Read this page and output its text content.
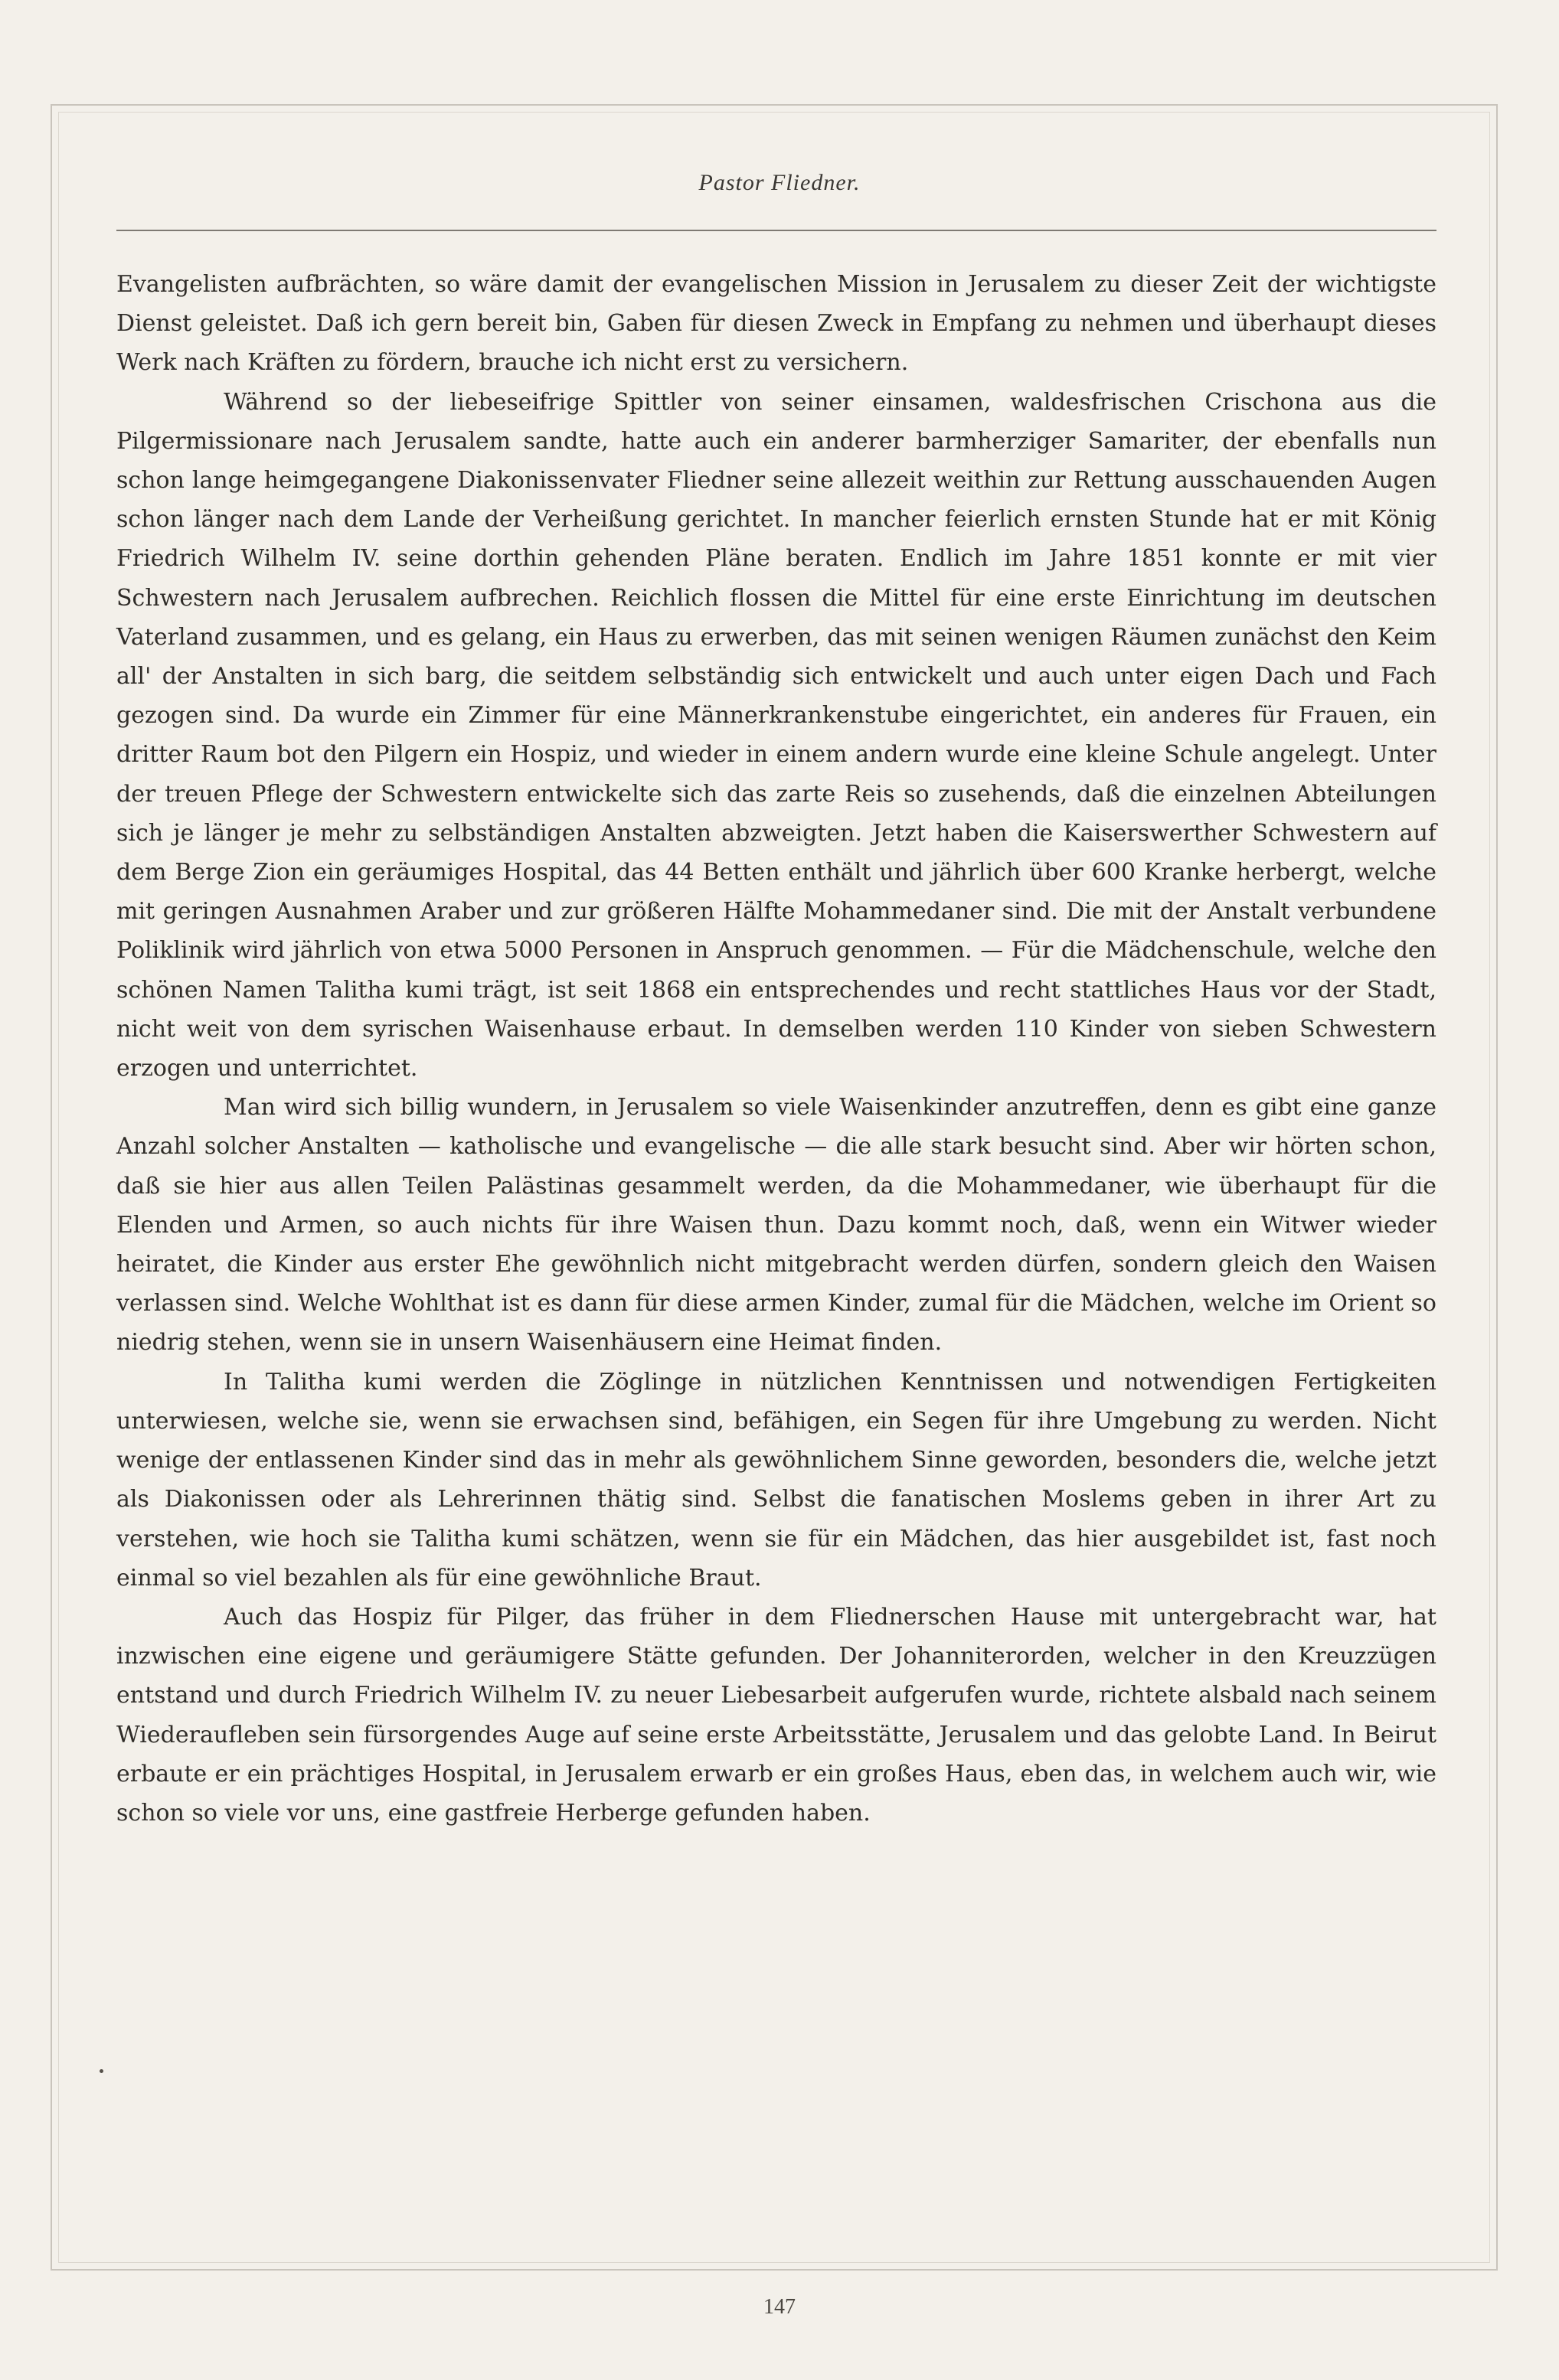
Pastor Fliedner.

Evangelisten aufbrächten, so wäre damit der evangelischen Mission in Jerusalem zu dieser Zeit der wichtigste Dienst geleistet. Daß ich gern bereit bin, Gaben für diesen Zweck in Empfang zu nehmen und überhaupt dieses Werk nach Kräften zu fördern, brauche ich nicht erst zu versichern.

Während so der liebeseifrige Spittler von seiner einsamen, waldesfrischen Crischona aus die Pilgermissionare nach Jerusalem sandte, hatte auch ein anderer barmherziger Samariter, der ebenfalls nun schon lange heimgegangene Diakonissenvater Fliedner seine allezeit weithin zur Rettung ausschauenden Augen schon länger nach dem Lande der Verheißung gerichtet. In mancher feierlich ernsten Stunde hat er mit König Friedrich Wilhelm IV. seine dorthin gehenden Pläne beraten. Endlich im Jahre 1851 konnte er mit vier Schwestern nach Jerusalem aufbrechen. Reichlich flossen die Mittel für eine erste Einrichtung im deutschen Vaterland zusammen, und es gelang, ein Haus zu erwerben, das mit seinen wenigen Räumen zunächst den Keim all' der Anstalten in sich barg, die seitdem selbständig sich entwickelt und auch unter eigen Dach und Fach gezogen sind. Da wurde ein Zimmer für eine Männerkrankenstube eingerichtet, ein anderes für Frauen, ein dritter Raum bot den Pilgern ein Hospiz, und wieder in einem andern wurde eine kleine Schule angelegt. Unter der treuen Pflege der Schwestern entwickelte sich das zarte Reis so zusehends, daß die einzelnen Abteilungen sich je länger je mehr zu selbständigen Anstalten abzweigten. Jetzt haben die Kaiserswerther Schwestern auf dem Berge Zion ein geräumiges Hospital, das 44 Betten enthält und jährlich über 600 Kranke herbergt, welche mit geringen Ausnahmen Araber und zur größeren Hälfte Mohammedaner sind. Die mit der Anstalt verbundene Poliklinik wird jährlich von etwa 5000 Personen in Anspruch genommen. — Für die Mädchenschule, welche den schönen Namen Talitha kumi trägt, ist seit 1868 ein entsprechendes und recht stattliches Haus vor der Stadt, nicht weit von dem syrischen Waisenhause erbaut. In demselben werden 110 Kinder von sieben Schwestern erzogen und unterrichtet.

Man wird sich billig wundern, in Jerusalem so viele Waisenkinder anzutreffen, denn es gibt eine ganze Anzahl solcher Anstalten — katholische und evangelische — die alle stark besucht sind. Aber wir hörten schon, daß sie hier aus allen Teilen Palästinas gesammelt werden, da die Mohammedaner, wie überhaupt für die Elenden und Armen, so auch nichts für ihre Waisen thun. Dazu kommt noch, daß, wenn ein Witwer wieder heiratet, die Kinder aus erster Ehe gewöhnlich nicht mitgebracht werden dürfen, sondern gleich den Waisen verlassen sind. Welche Wohlthat ist es dann für diese armen Kinder, zumal für die Mädchen, welche im Orient so niedrig stehen, wenn sie in unsern Waisenhäusern eine Heimat finden.

In Talitha kumi werden die Zöglinge in nützlichen Kenntnissen und notwendigen Fertigkeiten unterwiesen, welche sie, wenn sie erwachsen sind, befähigen, ein Segen für ihre Umgebung zu werden. Nicht wenige der entlassenen Kinder sind das in mehr als gewöhnlichem Sinne geworden, besonders die, welche jetzt als Diakonissen oder als Lehrerinnen thätig sind. Selbst die fanatischen Moslems geben in ihrer Art zu verstehen, wie hoch sie Talitha kumi schätzen, wenn sie für ein Mädchen, das hier ausgebildet ist, fast noch einmal so viel bezahlen als für eine gewöhnliche Braut.

Auch das Hospiz für Pilger, das früher in dem Fliednerschen Hause mit untergebracht war, hat inzwischen eine eigene und geräumigere Stätte gefunden. Der Johanniterorden, welcher in den Kreuzzügen entstand und durch Friedrich Wilhelm IV. zu neuer Liebesarbeit aufgerufen wurde, richtete alsbald nach seinem Wiederaufleben sein fürsorgendes Auge auf seine erste Arbeitsstätte, Jerusalem und das gelobte Land. In Beirut erbaute er ein prächtiges Hospital, in Jerusalem erwarb er ein großes Haus, eben das, in welchem auch wir, wie schon so viele vor uns, eine gastfreie Herberge gefunden haben.

147
